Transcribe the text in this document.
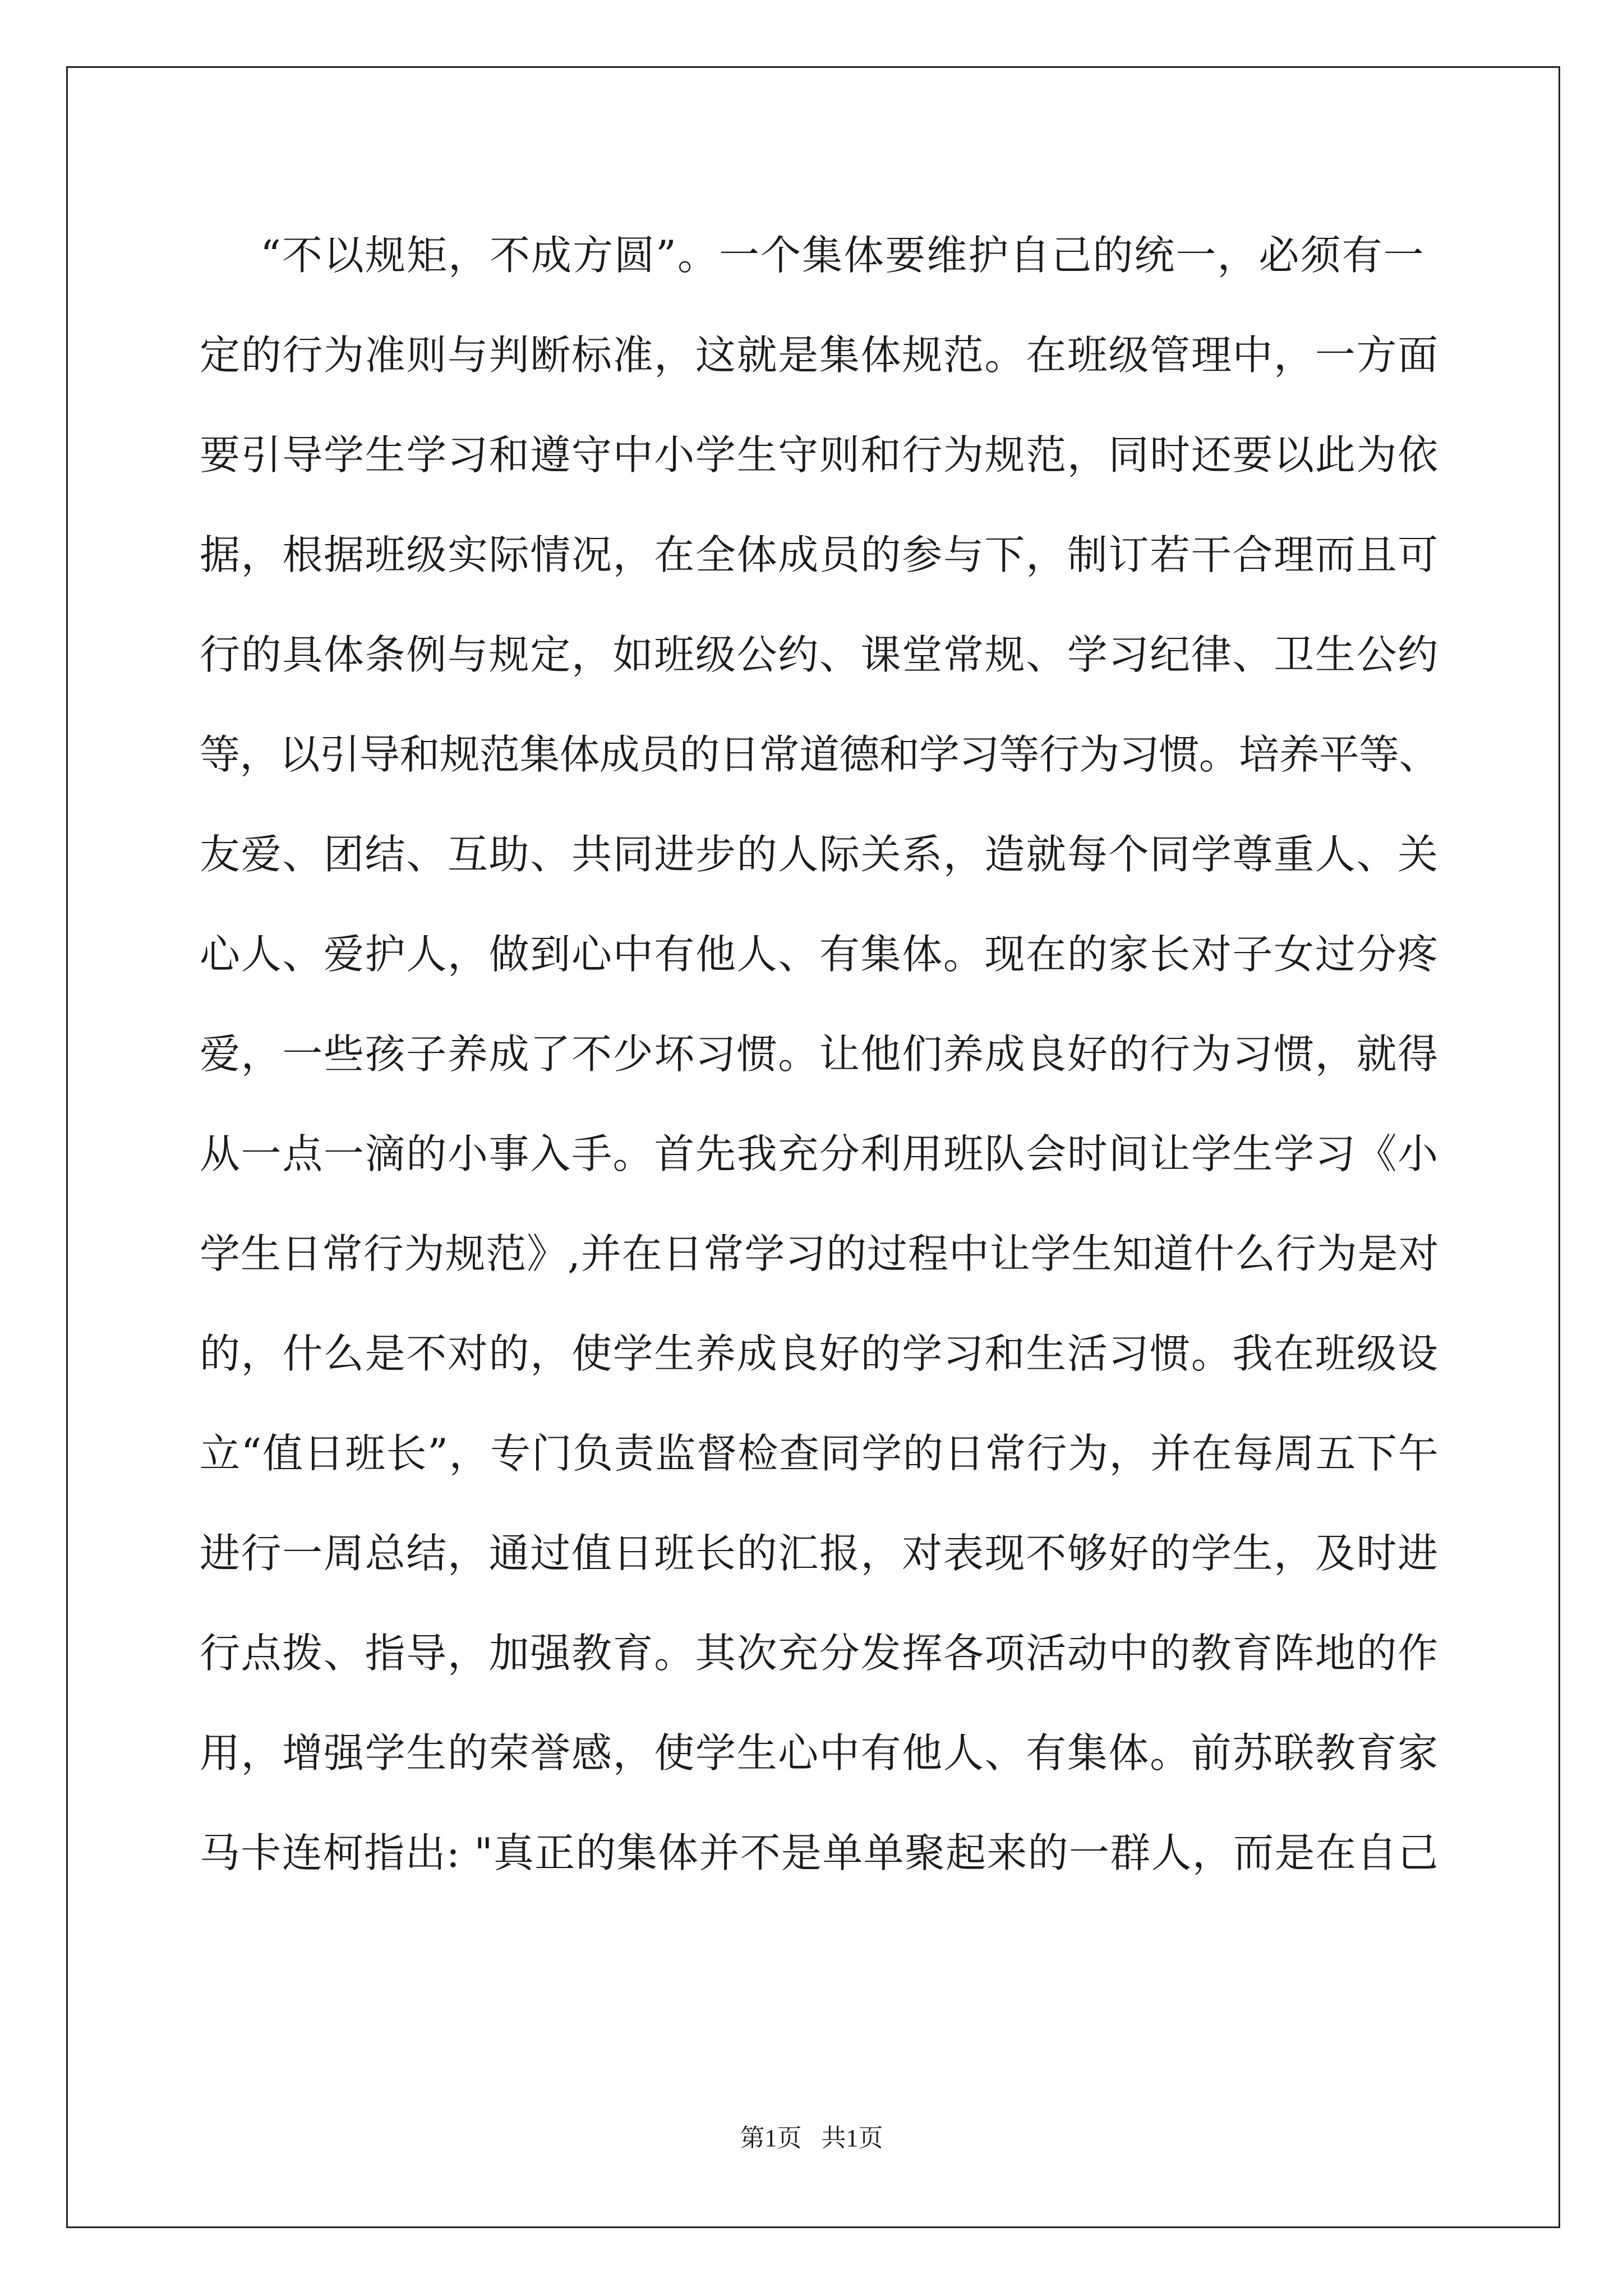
“不以规矩，不成方圆”。一个集体要维护自己的统一，必须有一
定的行为准则与判断标准，这就是集体规范。在班级管理中，一方面
要引导学生学习和遵守中小学生守则和行为规范，同时还要以此为依
据，根据班级实际情况，在全体成员的参与下，制订若干合理而且可
行的具体条例与规定，如班级公约、课堂常规、学习纪律、卫生公约
等，以引导和规范集体成员的日常道德和学习等行为习惯。培养平等、
友爱、团结、互助、共同进步的人际关系，造就每个同学尊重人、关
心人、爱护人，做到心中有他人、有集体。现在的家长对子女过分疼
爱，一些孩子养成了不少坏习惯。让他们养成良好的行为习惯，就得
从一点一滴的小事入手。首先我充分利用班队会时间让学生学习《小
学生日常行为规范》,并在日常学习的过程中让学生知道什么行为是对
的，什么是不对的，使学生养成良好的学习和生活习惯。我在班级设
立“值日班长”，专门负责监督检查同学的日常行为，并在每周五下午
进行一周总结，通过值日班长的汇报，对表现不够好的学生，及时进
行点拨、指导，加强教育。其次充分发挥各项活动中的教育阵地的作
用，增强学生的荣誉感，使学生心中有他人、有集体。前苏联教育家
马卡连柯指出: "真正的集体并不是单单聚起来的一群人，而是在自己
第1页 共1页
